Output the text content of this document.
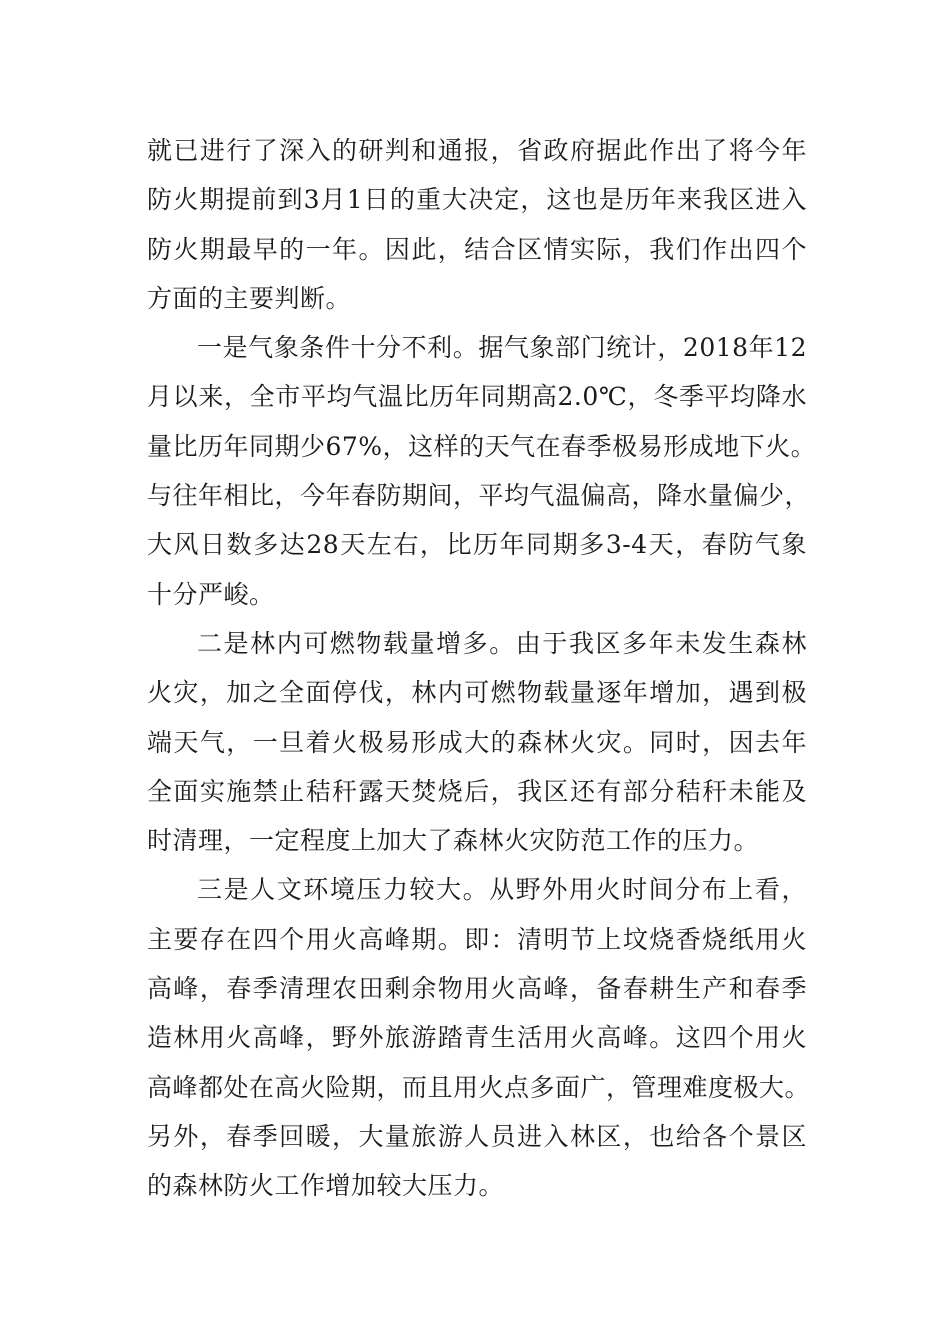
就已进行了深入的研判和通报，省政府据此作出了将今年
防火期提前到3月1日的重大决定，这也是历年来我区进入
防火期最早的一年。因此，结合区情实际，我们作出四个
方面的主要判断。
一是气象条件十分不利。据气象部门统计，2018年12
月以来，全市平均气温比历年同期高2.0℃，冬季平均降水
量比历年同期少67%，这样的天气在春季极易形成地下火。
与往年相比，今年春防期间，平均气温偏高，降水量偏少，
大风日数多达28天左右，比历年同期多3-4天，春防气象
十分严峻。
二是林内可燃物载量增多。由于我区多年未发生森林
火灾，加之全面停伐，林内可燃物载量逐年增加，遇到极
端天气，一旦着火极易形成大的森林火灾。同时，因去年
全面实施禁止秸秆露天焚烧后，我区还有部分秸秆未能及
时清理，一定程度上加大了森林火灾防范工作的压力。
三是人文环境压力较大。从野外用火时间分布上看，
主要存在四个用火高峰期。即：清明节上坟烧香烧纸用火
高峰，春季清理农田剩余物用火高峰，备春耕生产和春季
造林用火高峰，野外旅游踏青生活用火高峰。这四个用火
高峰都处在高火险期，而且用火点多面广，管理难度极大。
另外，春季回暖，大量旅游人员进入林区，也给各个景区
的森林防火工作增加较大压力。
